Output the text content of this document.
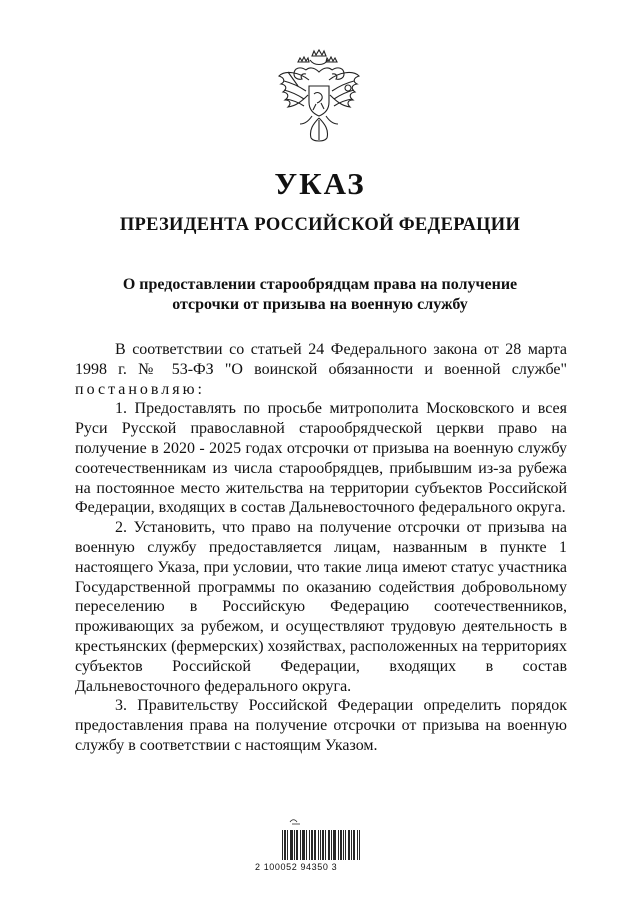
УКАЗ
ПРЕЗИДЕНТА РОССИЙСКОЙ ФЕДЕРАЦИИ
О предоставлении старообрядцам права на получение
отсрочки от призыва на военную службу

В соответствии со статьей 24 Федерального закона от 28 марта 1998 г. № 53-ФЗ "О воинской обязанности и военной службе" постановляю:

1. Предоставлять по просьбе митрополита Московского и всея Руси Русской православной старообрядческой церкви право на получение в 2020 - 2025 годах отсрочки от призыва на военную службу соотечественникам из числа старообрядцев, прибывшим из-за рубежа на постоянное место жительства на территории субъектов Российской Федерации, входящих в состав Дальневосточного федерального округа.

2. Установить, что право на получение отсрочки от призыва на военную службу предоставляется лицам, названным в пункте 1 настоящего Указа, при условии, что такие лица имеют статус участника Государственной программы по оказанию содействия добровольному переселению в Российскую Федерацию соотечественников, проживающих за рубежом, и осуществляют трудовую деятельность в крестьянских (фермерских) хозяйствах, расположенных на территориях субъектов Российской Федерации, входящих в состав Дальневосточного федерального округа.

3. Правительству Российской Федерации определить порядок предоставления права на получение отсрочки от призыва на военную службу в соответствии с настоящим Указом.

2 100052 94350 3
